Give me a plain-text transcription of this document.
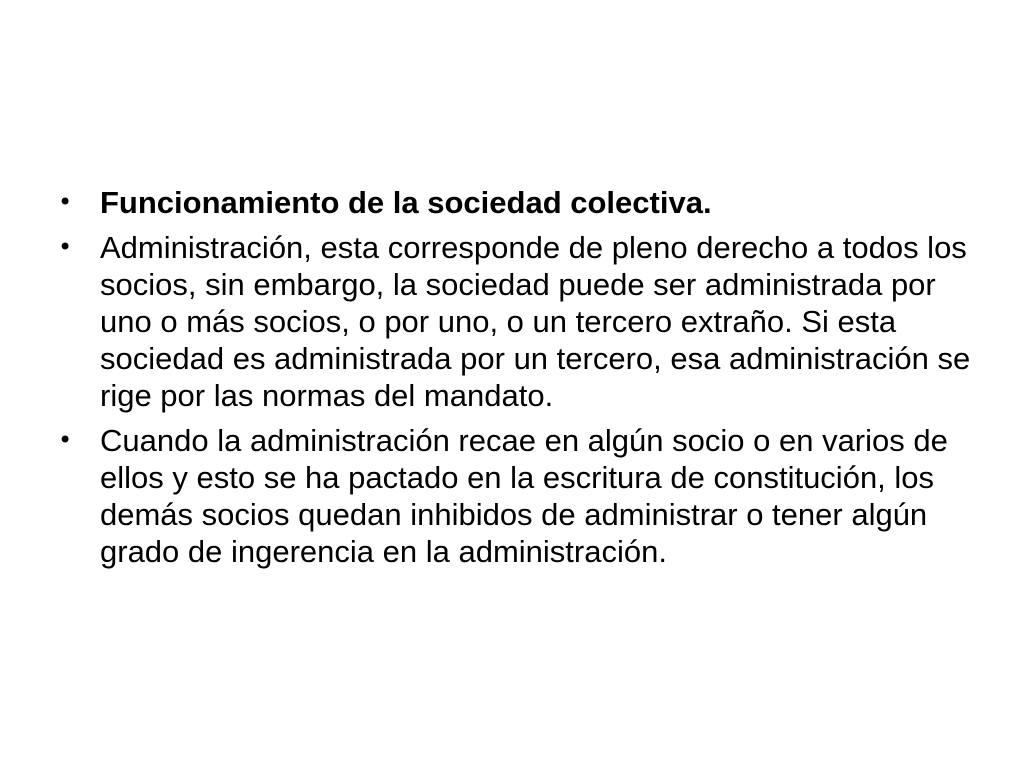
• Funcionamiento de la sociedad colectiva.
• Administración, esta corresponde de pleno derecho a todos los socios, sin embargo, la sociedad puede ser administrada por uno o más socios, o por uno, o un tercero extraño. Si esta sociedad es administrada por un tercero, esa administración se rige por las normas del mandato.
• Cuando la administración recae en algún socio o en varios de ellos y esto se ha pactado en la escritura de constitución, los demás socios quedan inhibidos de administrar o tener algún grado de ingerencia en la administración.
